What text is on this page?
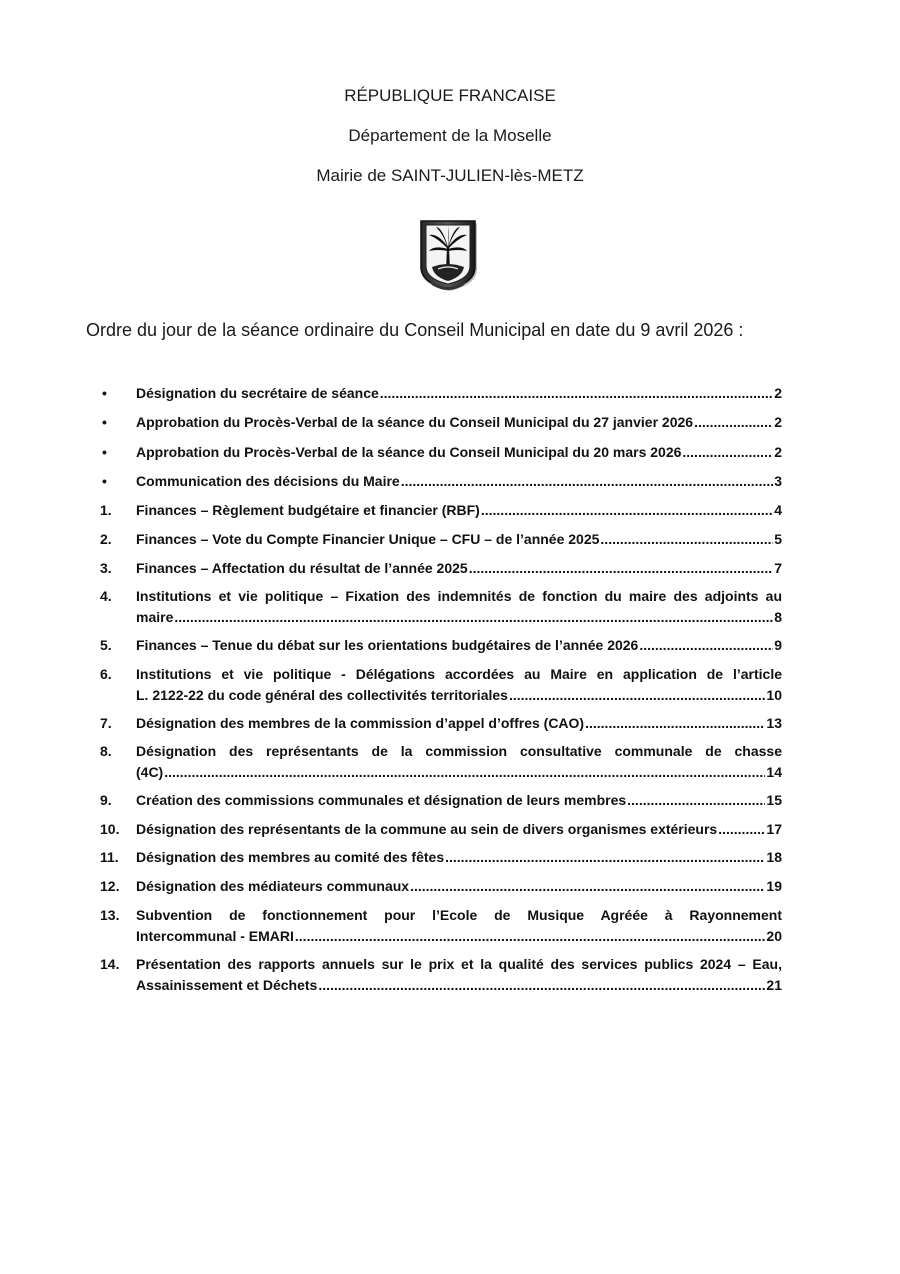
RÉPUBLIQUE FRANCAISE
Département de la Moselle
Mairie de SAINT-JULIEN-lès-METZ
Ordre du jour de la séance ordinaire du Conseil Municipal en date du 9 avril 2026 :
•	Désignation du secrétaire de séance .....	2
•	Approbation du Procès-Verbal de la séance du Conseil Municipal du 27 janvier 2026 .....	2
•	Approbation du Procès-Verbal de la séance du Conseil Municipal du 20 mars 2026 .....	2
•	Communication des décisions du Maire .....	3
1.	Finances – Règlement budgétaire et financier (RBF) .....	4
2.	Finances – Vote du Compte Financier Unique – CFU – de l’année 2025 .....	5
3.	Finances – Affectation du résultat de l’année 2025 .....	7
4.	Institutions et vie politique – Fixation des indemnités de fonction du maire des adjoints au
maire .....	8
5.	Finances – Tenue du débat sur les orientations budgétaires de l’année 2026 .....	9
6.	Institutions et vie politique - Délégations accordées au Maire en application de l’article
L. 2122-22 du code général des collectivités territoriales .....	10
7.	Désignation des membres de la commission d’appel d’offres (CAO) .....	13
8.	Désignation des représentants de la commission consultative communale de chasse
(4C) .....	14
9.	Création des commissions communales et désignation de leurs membres .....	15
10.	Désignation des représentants de la commune au sein de divers organismes extérieurs .....	17
11.	Désignation des membres au comité des fêtes .....	18
12.	Désignation des médiateurs communaux .....	19
13.	Subvention de fonctionnement pour l’Ecole de Musique Agréée à Rayonnement
Intercommunal - EMARI .....	20
14.	Présentation des rapports annuels sur le prix et la qualité des services publics 2024 – Eau,
Assainissement et Déchets .....	21
